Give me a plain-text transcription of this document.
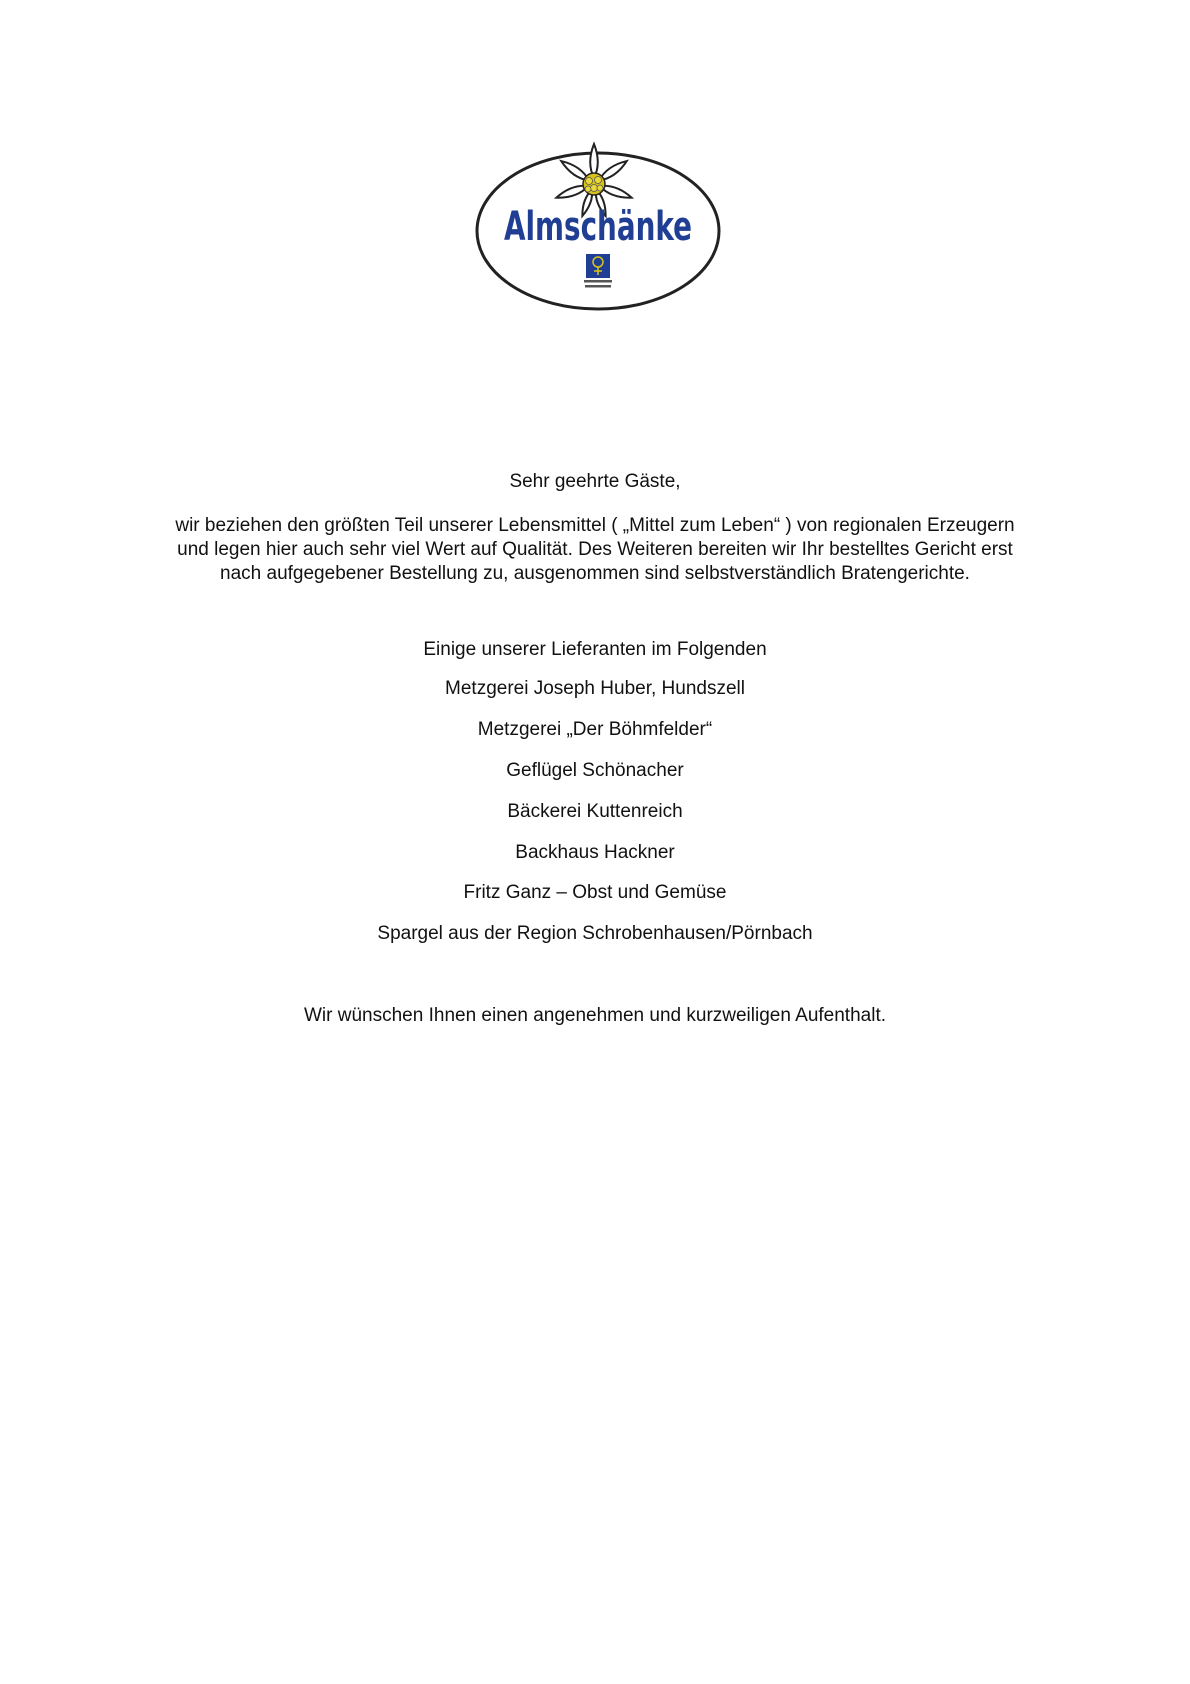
Almschänke
Sehr geehrte Gäste,
wir beziehen den größten Teil unserer Lebensmittel ( „Mittel zum Leben“ ) von regionalen Erzeugern
und legen hier auch sehr viel Wert auf Qualität. Des Weiteren bereiten wir Ihr bestelltes Gericht erst
nach aufgegebener Bestellung zu, ausgenommen sind selbstverständlich Bratengerichte.
Einige unserer Lieferanten im Folgenden
Metzgerei Joseph Huber, Hundszell
Metzgerei „Der Böhmfelder“
Geflügel Schönacher
Bäckerei Kuttenreich
Backhaus Hackner
Fritz Ganz – Obst und Gemüse
Spargel aus der Region Schrobenhausen/Pörnbach
Wir wünschen Ihnen einen angenehmen und kurzweiligen Aufenthalt.
